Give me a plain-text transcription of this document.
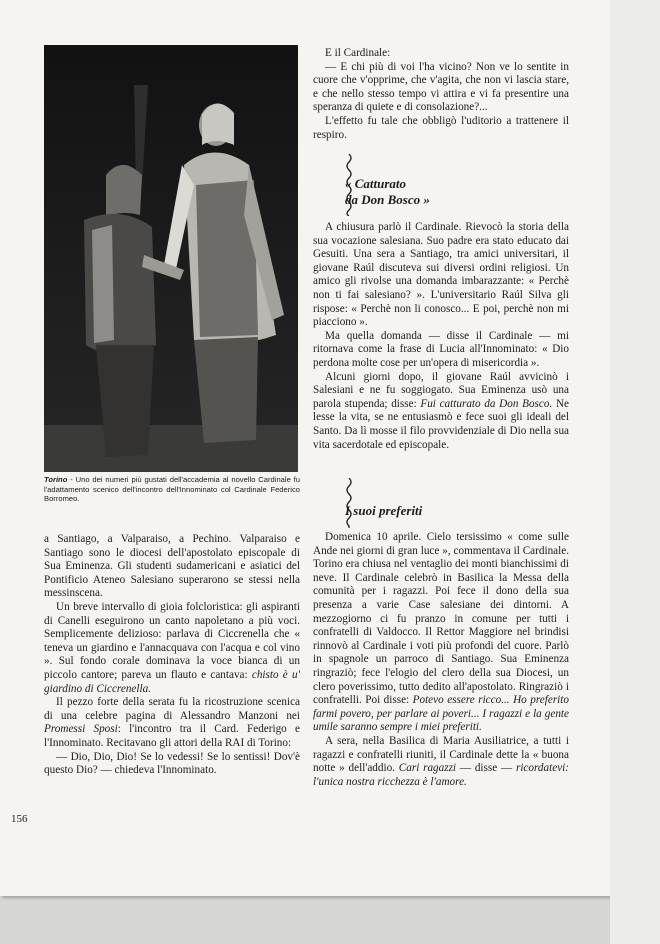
Torino - Uno dei numeri più gustati dell'accademia al novello Cardinale fu l'adattamento scenico dell'incontro dell'Innominato col Cardinale Federico Borromeo.

a Santiago, a Valparaiso, a Pechino. Valparaiso e Santiago sono le diocesi dell'apostolato episcopale di Sua Eminenza. Gli studenti sudamericani e asiatici del Pontificio Ateneo Salesiano superarono se stessi nella messinscena.

Un breve intervallo di gioia folcloristica: gli aspiranti di Canelli eseguirono un canto napoletano a più voci. Semplicemente delizioso: parlava di Ciccrenella che « teneva un giardino e l'annacquava con l'acqua e col vino ». Sul fondo corale dominava la voce bianca di un piccolo cantore; pareva un flauto e cantava: chisto è u' giardino di Ciccrenella.

Il pezzo forte della serata fu la ricostruzione scenica di una celebre pagina di Alessandro Manzoni nei Promessi Sposi: l'incontro tra il Card. Federigo e l'Innominato. Recitavano gli attori della RAI di Torino:

— Dio, Dio, Dio! Se lo vedessi! Se lo sentissi! Dov'è questo Dio? — chiedeva l'Innominato.

E il Cardinale:

— E chi più di voi l'ha vicino? Non ve lo sentite in cuore che v'opprime, che v'agita, che non vi lascia stare, e che nello stesso tempo vi attira e vi fa presentire una speranza di quiete e di consolazione?...

L'effetto fu tale che obbligò l'uditorio a trattenere il respiro.

« Catturato
da Don Bosco »

A chiusura parlò il Cardinale. Rievocò la storia della sua vocazione salesiana. Suo padre era stato educato dai Gesuiti. Una sera a Santiago, tra amici universitari, il giovane Raúl discuteva sui diversi ordini religiosi. Un amico gli rivolse una domanda imbarazzante: « Perchè non ti fai salesiano? ». L'universitario Raúl Silva gli rispose: « Perchè non li conosco... E poi, perchè non mi piacciono ».

Ma quella domanda — disse il Cardinale — mi ritornava come la frase di Lucia all'Innominato: « Dio perdona molte cose per un'opera di misericordia ».

Alcuni giorni dopo, il giovane Raúl avvicinò i Salesiani e ne fu soggiogato. Sua Eminenza usò una parola stupenda; disse: Fui catturato da Don Bosco. Ne lesse la vita, se ne entusiasmò e fece suoi gli ideali del Santo. Da lì mosse il filo provvidenziale di Dio nella sua vita sacerdotale ed episcopale.

I suoi preferiti

Domenica 10 aprile. Cielo tersissimo « come sulle Ande nei giorni di gran luce », commentava il Cardinale. Torino era chiusa nel ventaglio dei monti bianchissimi di neve. Il Cardinale celebrò in Basilica la Messa della comunità per i ragazzi. Poi fece il dono della sua presenza a varie Case salesiane dei dintorni. A mezzogiorno ci fu pranzo in comune per tutti i confratelli di Valdocco. Il Rettor Maggiore nel brindisi rinnovò al Cardinale i voti più profondi del cuore. Parlò in spagnole un parroco di Santiago. Sua Eminenza ringraziò; fece l'elogio del clero della sua Diocesi, un clero poverissimo, tutto dedito all'apostolato. Ringraziò i confratelli. Poi disse: Potevo essere ricco... Ho preferito farmi povero, per parlare ai poveri... I ragazzi e la gente umile saranno sempre i miei preferiti.

A sera, nella Basilica di Maria Ausiliatrice, a tutti i ragazzi e confratelli riuniti, il Cardinale dette la « buona notte » dell'addio. Cari ragazzi — disse — ricordatevi: l'unica nostra ricchezza è l'amore.

156
